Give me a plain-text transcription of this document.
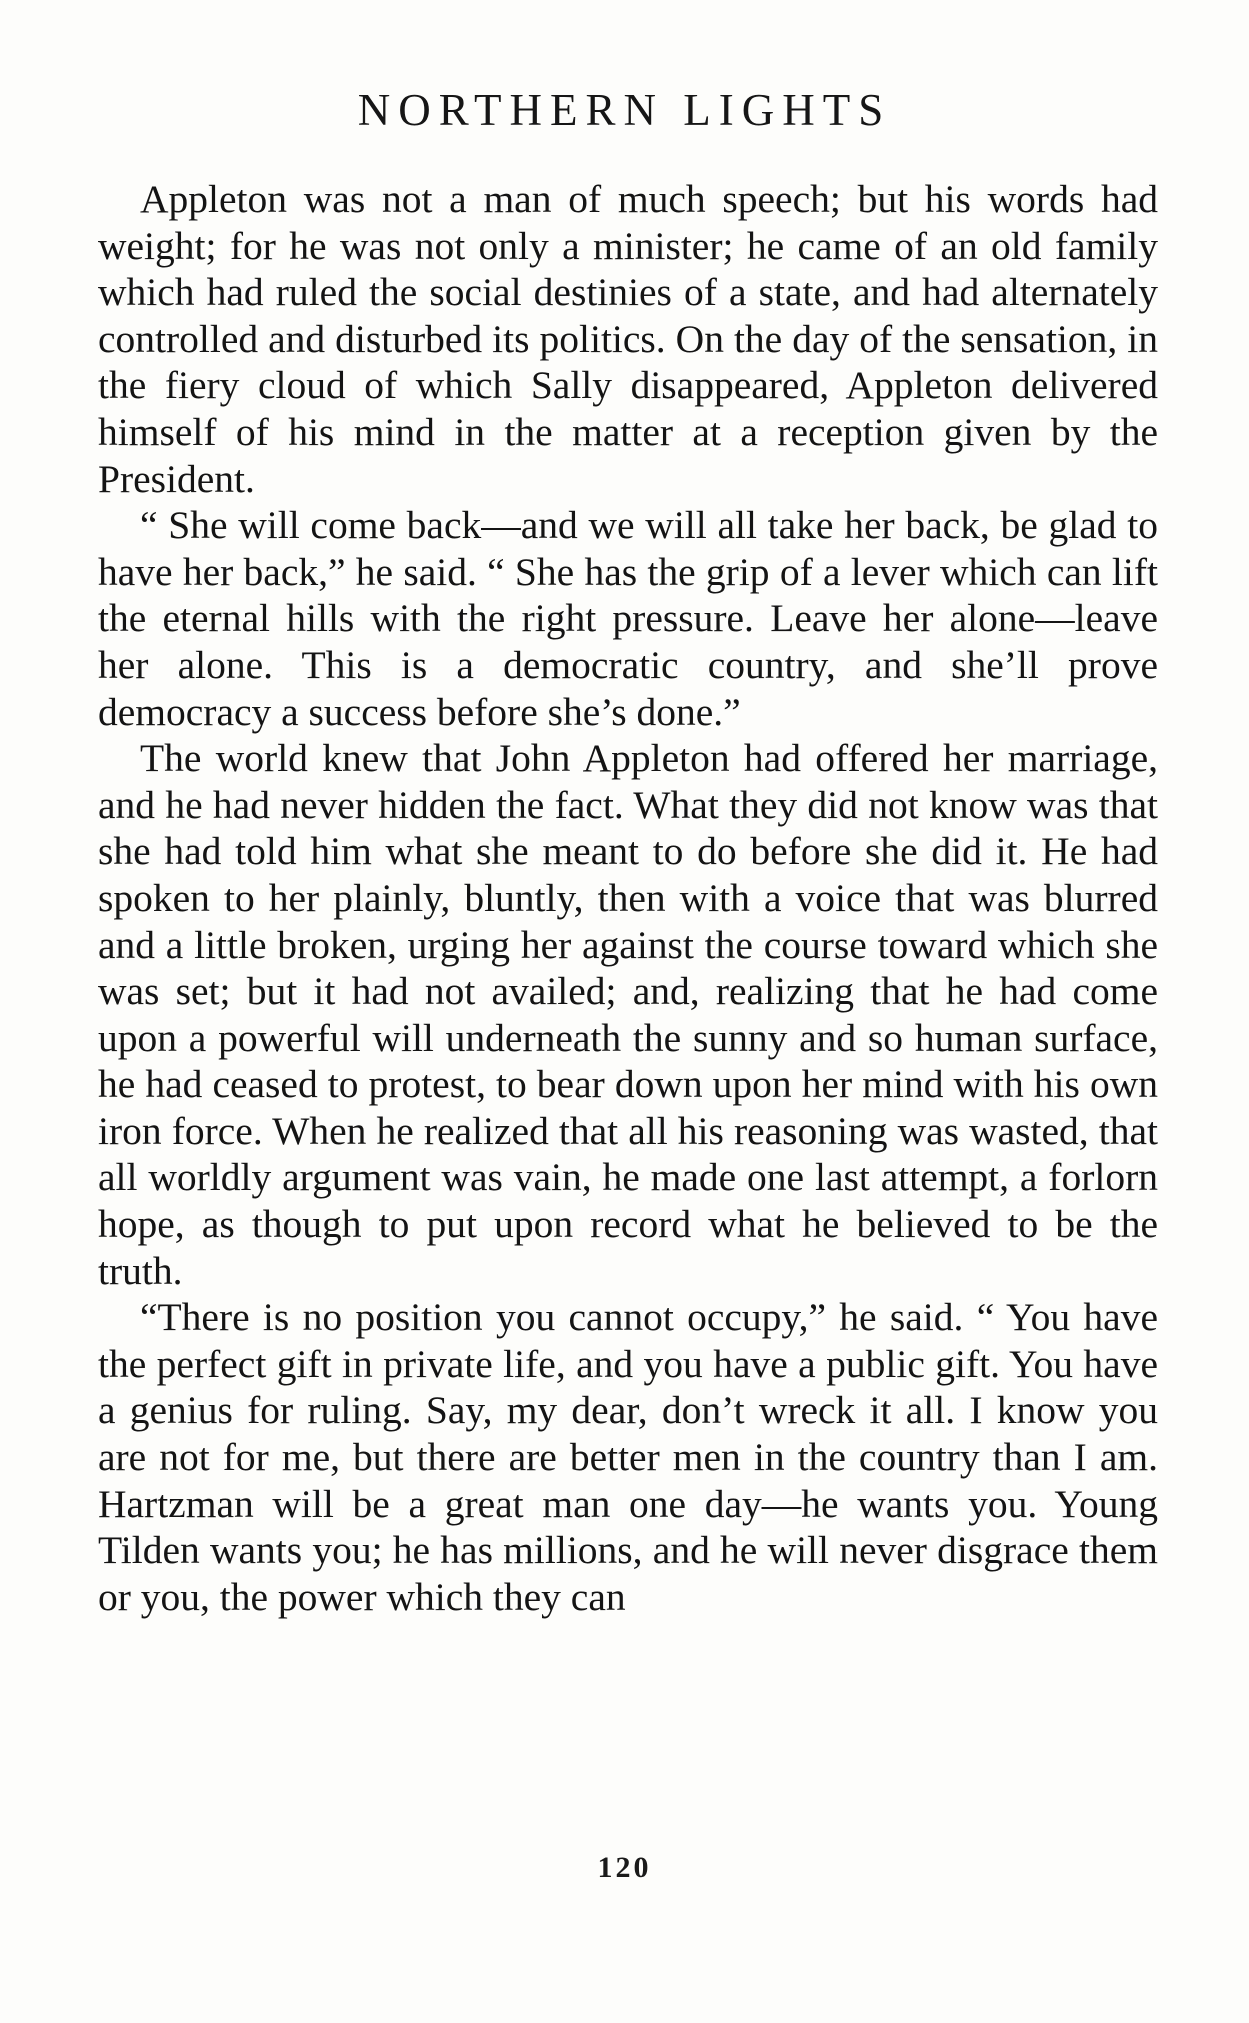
NORTHERN LIGHTS

Appleton was not a man of much speech; but his words had weight; for he was not only a minister; he came of an old family which had ruled the social destinies of a state, and had alternately controlled and disturbed its politics. On the day of the sensation, in the fiery cloud of which Sally disappeared, Appleton delivered himself of his mind in the matter at a reception given by the President.

“ She will come back—and we will all take her back, be glad to have her back,” he said. “ She has the grip of a lever which can lift the eternal hills with the right pressure. Leave her alone—leave her alone. This is a democratic country, and she’ll prove democracy a success before she’s done.”

The world knew that John Appleton had offered her marriage, and he had never hidden the fact. What they did not know was that she had told him what she meant to do before she did it. He had spoken to her plainly, bluntly, then with a voice that was blurred and a little broken, urging her against the course toward which she was set; but it had not availed; and, realizing that he had come upon a powerful will underneath the sunny and so human surface, he had ceased to protest, to bear down upon her mind with his own iron force. When he realized that all his reasoning was wasted, that all worldly argument was vain, he made one last attempt, a forlorn hope, as though to put upon record what he believed to be the truth.

“There is no position you cannot occupy,” he said. “ You have the perfect gift in private life, and you have a public gift. You have a genius for ruling. Say, my dear, don’t wreck it all. I know you are not for me, but there are better men in the country than I am. Hartzman will be a great man one day—he wants you. Young Tilden wants you; he has millions, and he will never disgrace them or you, the power which they can

120
